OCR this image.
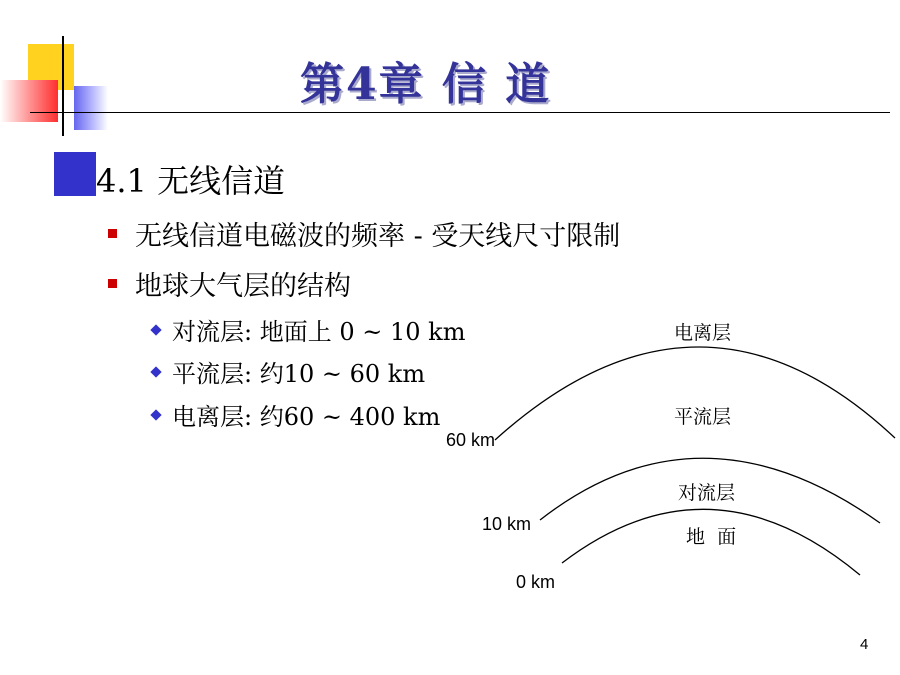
第4章 信 道
4.1 无线信道
无线信道电磁波的频率 - 受天线尺寸限制
地球大气层的结构
对流层: 地面上 0 ~ 10 km
平流层: 约10 ~ 60 km
电离层: 约60 ~ 400 km
电离层
平流层
对流层
地  面
60 km
10 km
0 km
4
